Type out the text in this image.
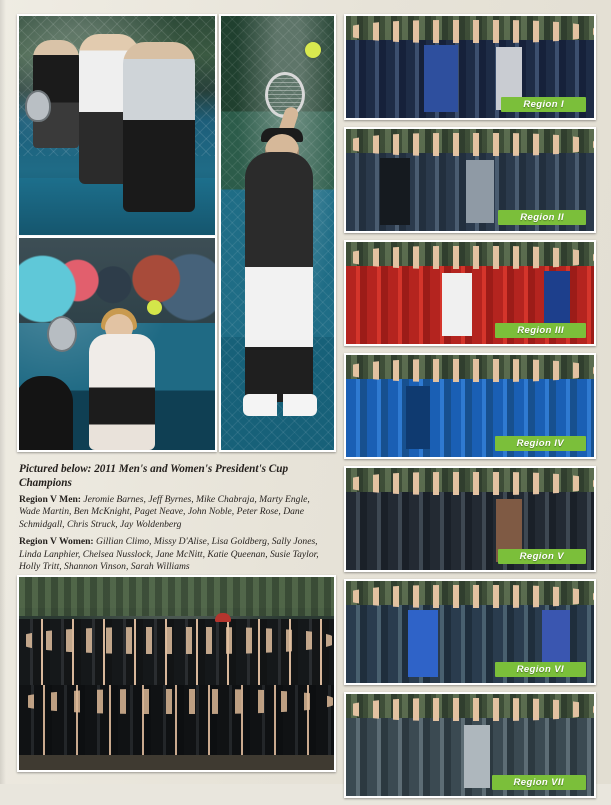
Pictured below: 2011 Men's and Women's President's Cup Champions

Region V Men: Jeromie Barnes, Jeff Byrnes, Mike Chabraja, Marty Engle, Wade Martin, Ben McKnight, Paget Neave, John Noble, Peter Rose, Dane Schmidgall, Chris Struck, Jay Woldenberg

Region V Women: Gillian Climo, Missy D'Alise, Lisa Goldberg, Sally Jones, Linda Lanphier, Chelsea Nusslock, Jane McNitt, Katie Queenan, Susie Taylor, Holly Tritt, Shannon Vinson, Sarah Williams

Region I
Region II
Region III
Region IV
Region V
Region VI
Region VII
